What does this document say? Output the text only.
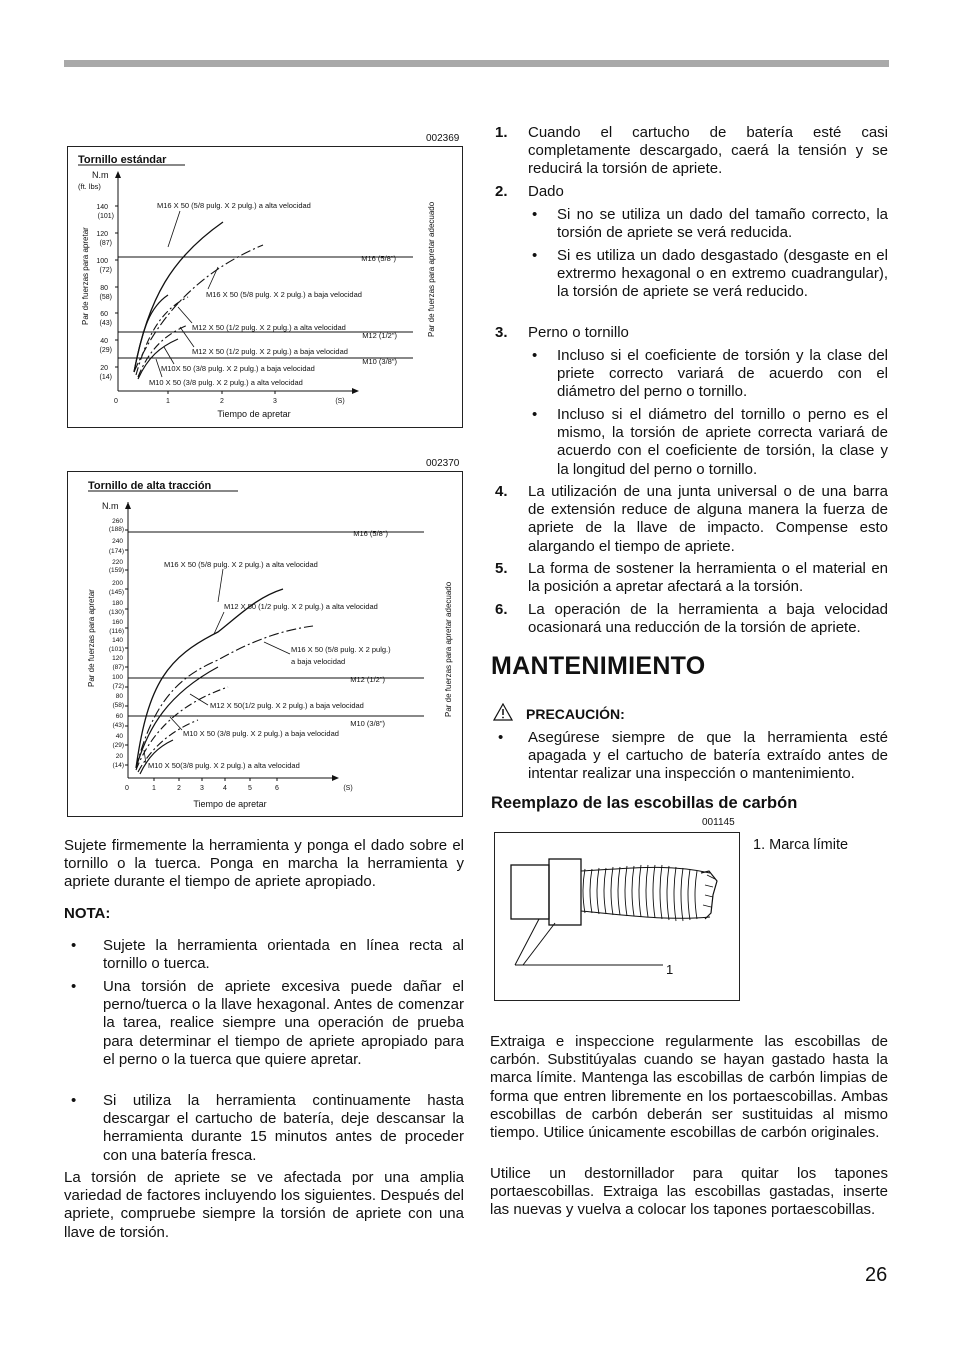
002369
Tornillo estándar
N.m
(ft. lbs)
Par de fuerzas para apretar	Par de fuerzas para apretar adecuado
140
(101)
120
(87)
100
(72)
80
(58)
60
(43)
40
(29)
20
(14)
0	1	2	3	(S)
Tiempo de apretar
M16 (5/8")
M12 (1/2")
M10 (3/8")
M16 X 50 (5/8 pulg. X 2 pulg.) a alta velocidad
M16 X 50 (5/8 pulg. X 2 pulg.) a baja velocidad
M12 X 50 (1/2 pulg. X 2 pulg.) a alta velocidad
M12 X 50 (1/2 pulg. X 2 pulg.) a baja velocidad
M10X 50 (3/8 pulg. X 2 pulg.) a baja velocidad
M10 X 50 (3/8 pulg. X 2 pulg.) a alta velocidad
002370
Tornillo de alta tracción
N.m
Par de fuerzas para apretar	Par de fuerzas para apretar adecuado
260
(188)
240
(174)
220
(159)
200
(145)
180
(130)
160
(116)
140
(101)
120
(87)
100
(72)
80
(58)
60
(43)
40
(29)
20
(14)
0	1	2	3	4	5	6	(S)
Tiempo de apretar
M16 (5/8")
M12 (1/2")
M10 (3/8")
M16 X 50 (5/8 pulg. X 2 pulg.) a alta velocidad
M12 X 50 (1/2 pulg. X 2 pulg.) a alta velocidad
M16 X 50 (5/8 pulg. X 2 pulg.)
a baja velocidad
M12 X 50(1/2 pulg. X 2 pulg.) a baja velocidad
M10 X 50 (3/8 pulg. X 2 pulg.) a baja velocidad
M10 X 50(3/8 pulg. X 2 pulg.) a alta velocidad

Sujete firmemente la herramienta y ponga el dado sobre el tornillo o la tuerca. Ponga en marcha la herramienta y apriete durante el tiempo de apriete apropiado.

NOTA:
• Sujete la herramienta orientada en línea recta al tornillo o tuerca.

• Una torsión de apriete excesiva puede dañar el perno/tuerca o la llave hexagonal. Antes de comenzar la tarea, realice siempre una operación de prueba para determinar el tiempo de apriete apropiado para el perno o la tuerca que quiere apretar.

• Si utiliza la herramienta continuamente hasta descargar el cartucho de batería, deje descansar la herramienta durante 15 minutos antes de proceder con una batería fresca.

La torsión de apriete se ve afectada por una amplia variedad de factores incluyendo los siguientes. Después del apriete, compruebe siempre la torsión de apriete con una llave de torsión.

1. Cuando el cartucho de batería esté casi completamente descargado, caerá la tensión y se reducirá la torsión de apriete.

2. Dado

• Si no se utiliza un dado del tamaño correcto, la torsión de apriete se verá reducida.

• Si es utiliza un dado desgastado (desgaste en el extrermo hexagonal o en extremo cuadrangular), la torsión de apriete se verá reducido.

3. Perno o tornillo

• Incluso si el coeficiente de torsión y la clase del priete correcto variará de acuerdo con el diámetro del perno o tornillo.

• Incluso si el diámetro del tornillo o perno es el mismo, la torsión de apriete correcta variará de acuerdo con el coeficiente de torsión, la clase y la longitud del perno o tornillo.

4. La utilización de una junta universal o de una barra de extensión reduce de alguna manera la fuerza de apriete de la llave de impacto. Compense esto alargando el tiempo de apriete.

5. La forma de sostener la herramienta o el material en la posición a apretar afectará a la torsión.

6. La operación de la herramienta a baja velocidad ocasionará una reducción de la torsión de apriete.

MANTENIMIENTO
PRECAUCIÓN:
• Asegúrese siempre de que la herramienta esté apagada y el cartucho de batería extraído antes de intentar realizar una inspección o mantenimiento.

Reemplazo de las escobillas de carbón
001145
1
1. Marca límite

Extraiga e inspeccione regularmente las escobillas de carbón. Substitúyalas cuando se hayan gastado hasta la marca límite. Mantenga las escobillas de carbón limpias de forma que entren libremente en los portaescobillas. Ambas escobillas de carbón deberán ser sustituidas al mismo tiempo. Utilice únicamente escobillas de carbón originales.

Utilice un destornillador para quitar los tapones portaescobillas. Extraiga las escobillas gastadas, inserte las nuevas y vuelva a colocar los tapones portaescobillas.

26
